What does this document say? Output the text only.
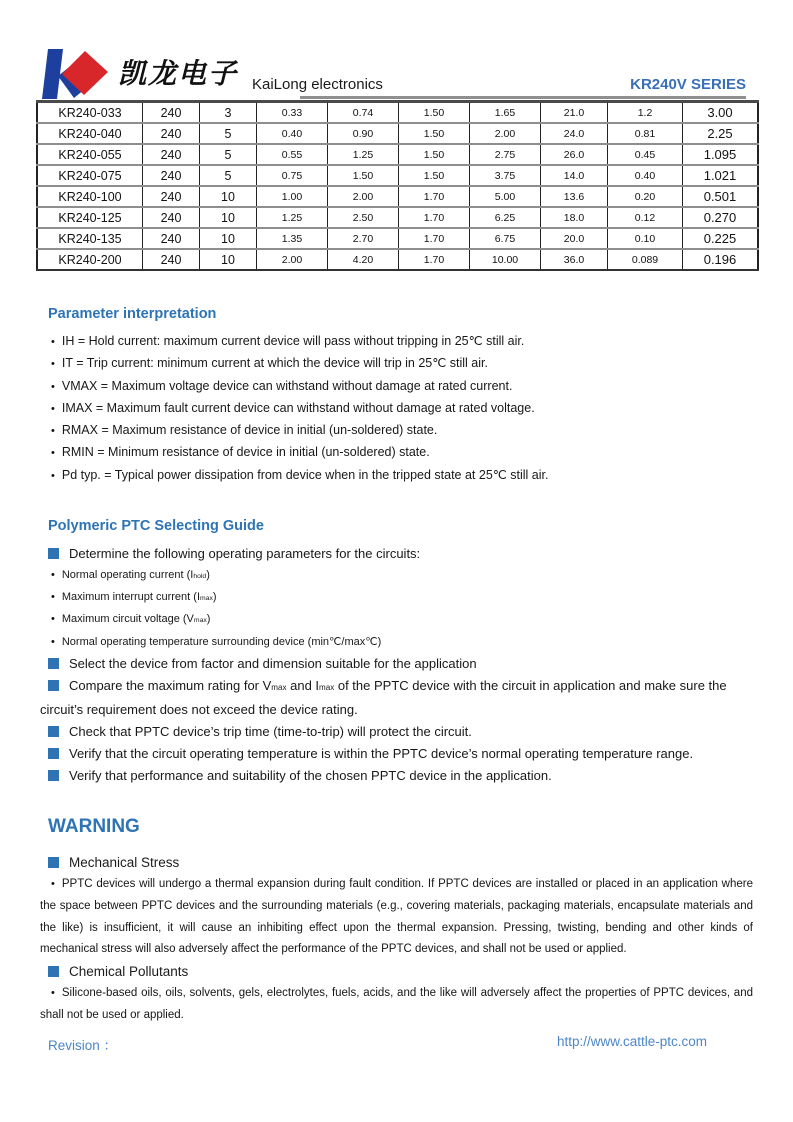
凯龙电子 KaiLong electronics	KR240V SERIES
KR240-033	240	3	0.33	0.74	1.50	1.65	21.0	1.2	3.00
KR240-040	240	5	0.40	0.90	1.50	2.00	24.0	0.81	2.25
KR240-055	240	5	0.55	1.25	1.50	2.75	26.0	0.45	1.095
KR240-075	240	5	0.75	1.50	1.50	3.75	14.0	0.40	1.021
KR240-100	240	10	1.00	2.00	1.70	5.00	13.6	0.20	0.501
KR240-125	240	10	1.25	2.50	1.70	6.25	18.0	0.12	0.270
KR240-135	240	10	1.35	2.70	1.70	6.75	20.0	0.10	0.225
KR240-200	240	10	2.00	4.20	1.70	10.00	36.0	0.089	0.196
Parameter interpretation
• IH = Hold current: maximum current device will pass without tripping in 25℃ still air.
• IT = Trip current: minimum current at which the device will trip in 25℃ still air.
• VMAX = Maximum voltage device can withstand without damage at rated current.
• IMAX = Maximum fault current device can withstand without damage at rated voltage.
• RMAX = Maximum resistance of device in initial (un-soldered) state.
• RMIN = Minimum resistance of device in initial (un-soldered) state.
• Pd typ. = Typical power dissipation from device when in the tripped state at 25℃ still air.
Polymeric PTC Selecting Guide
Determine the following operating parameters for the circuits:
• Normal operating current (Ihold)
• Maximum interrupt current (Imax)
• Maximum circuit voltage (Vmax)
• Normal operating temperature surrounding device (min℃/max℃)
Select the device from factor and dimension suitable for the application
Compare the maximum rating for Vmax and Imax of the PPTC device with the circuit in application and make sure the circuit’s requirement does not exceed the device rating.
Check that PPTC device’s trip time (time-to-trip) will protect the circuit.
Verify that the circuit operating temperature is within the PPTC device’s normal operating temperature range.
Verify that performance and suitability of the chosen PPTC device in the application.
WARNING
Mechanical Stress
• PPTC devices will undergo a thermal expansion during fault condition. If PPTC devices are installed or placed in an application where the space between PPTC devices and the surrounding materials (e.g., covering materials, packaging materials, encapsulate materials and the like) is insufficient, it will cause an inhibiting effect upon the thermal expansion. Pressing, twisting, bending and other kinds of mechanical stress will also adversely affect the performance of the PPTC devices, and shall not be used or applied.
Chemical Pollutants
• Silicone-based oils, oils, solvents, gels, electrolytes, fuels, acids, and the like will adversely affect the properties of PPTC devices, and shall not be used or applied.
Revision ：	http://www.cattle-ptc.com
